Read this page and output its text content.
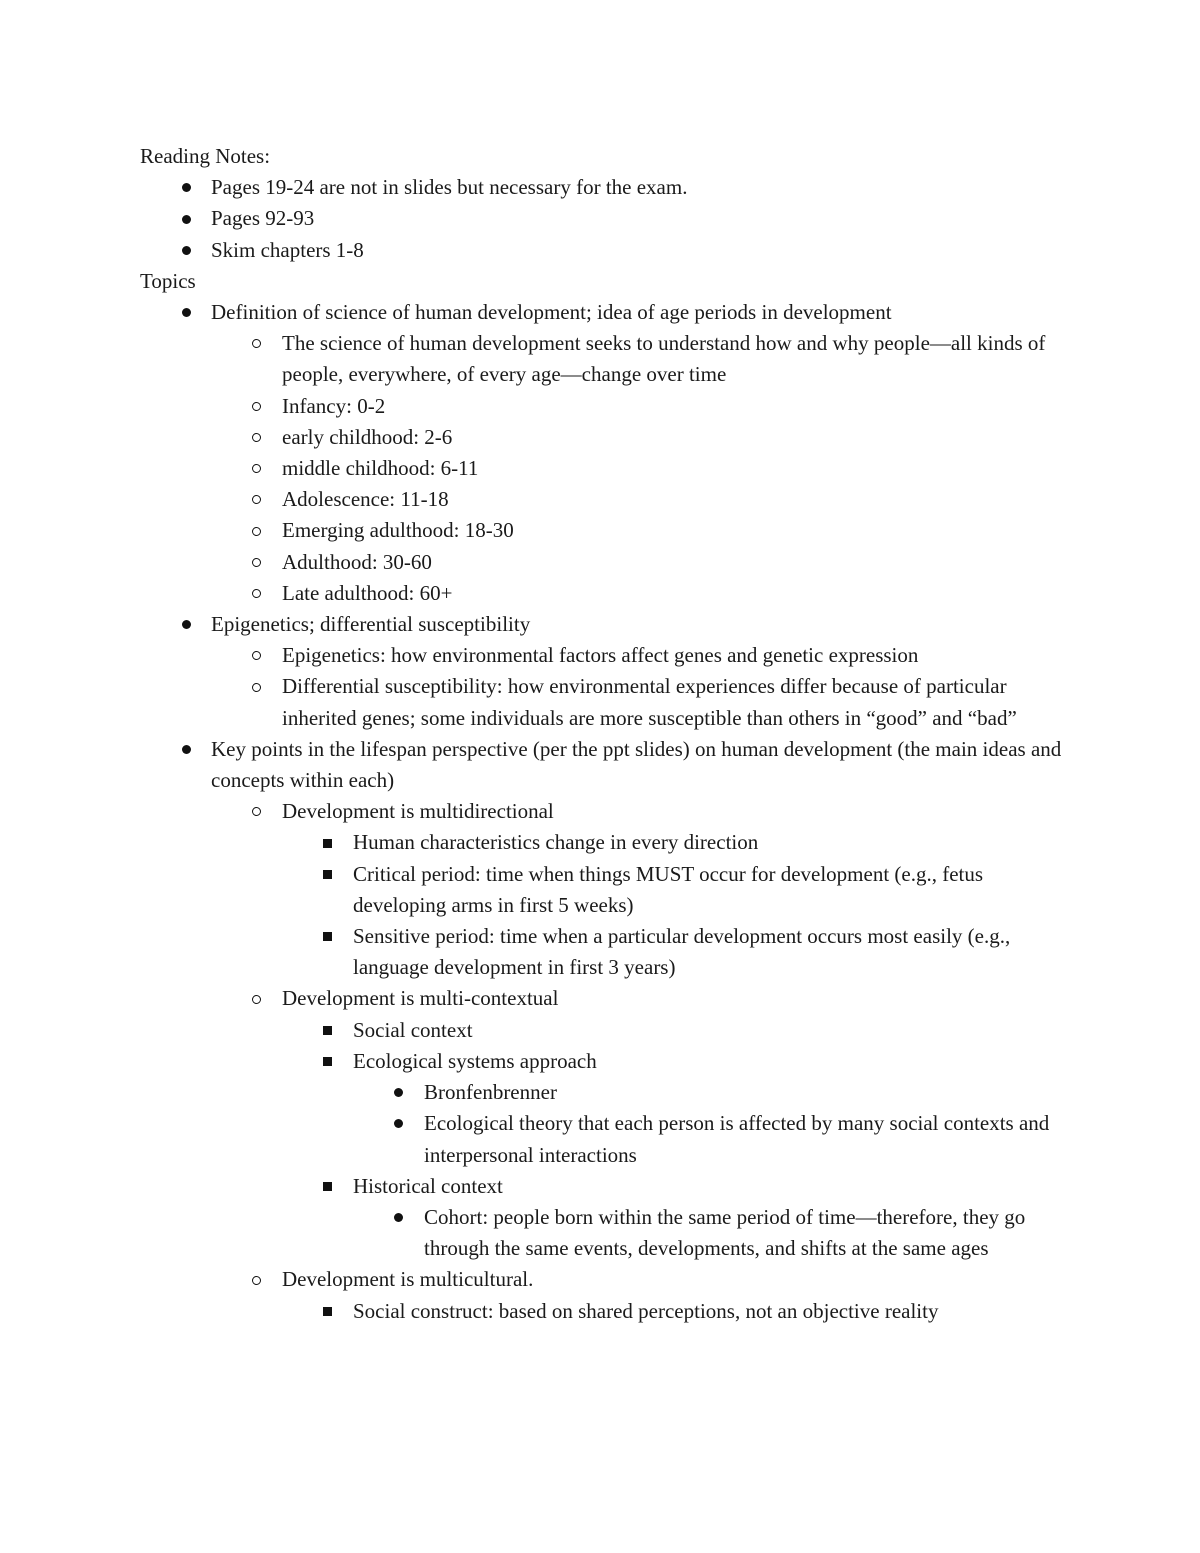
Reading Notes:

Pages 19-24 are not in slides but necessary for the exam.
Pages 92-93
Skim chapters 1-8

Topics

Definition of science of human development; idea of age periods in development
The science of human development seeks to understand how and why people—all kinds of people, everywhere, of every age—change over time
Infancy: 0-2
early childhood: 2-6
middle childhood: 6-11
Adolescence: 11-18
Emerging adulthood: 18-30
Adulthood: 30-60
Late adulthood: 60+
Epigenetics; differential susceptibility
Epigenetics: how environmental factors affect genes and genetic expression
Differential susceptibility: how environmental experiences differ because of particular inherited genes; some individuals are more susceptible than others in “good” and “bad”
Key points in the lifespan perspective (per the ppt slides) on human development (the main ideas and concepts within each)
Development is multidirectional
Human characteristics change in every direction
Critical period: time when things MUST occur for development (e.g., fetus developing arms in first 5 weeks)
Sensitive period: time when a particular development occurs most easily (e.g., language development in first 3 years)
Development is multi-contextual
Social context
Ecological systems approach
Bronfenbrenner
Ecological theory that each person is affected by many social contexts and interpersonal interactions
Historical context
Cohort: people born within the same period of time—therefore, they go through the same events, developments, and shifts at the same ages
Development is multicultural.
Social construct: based on shared perceptions, not an objective reality
